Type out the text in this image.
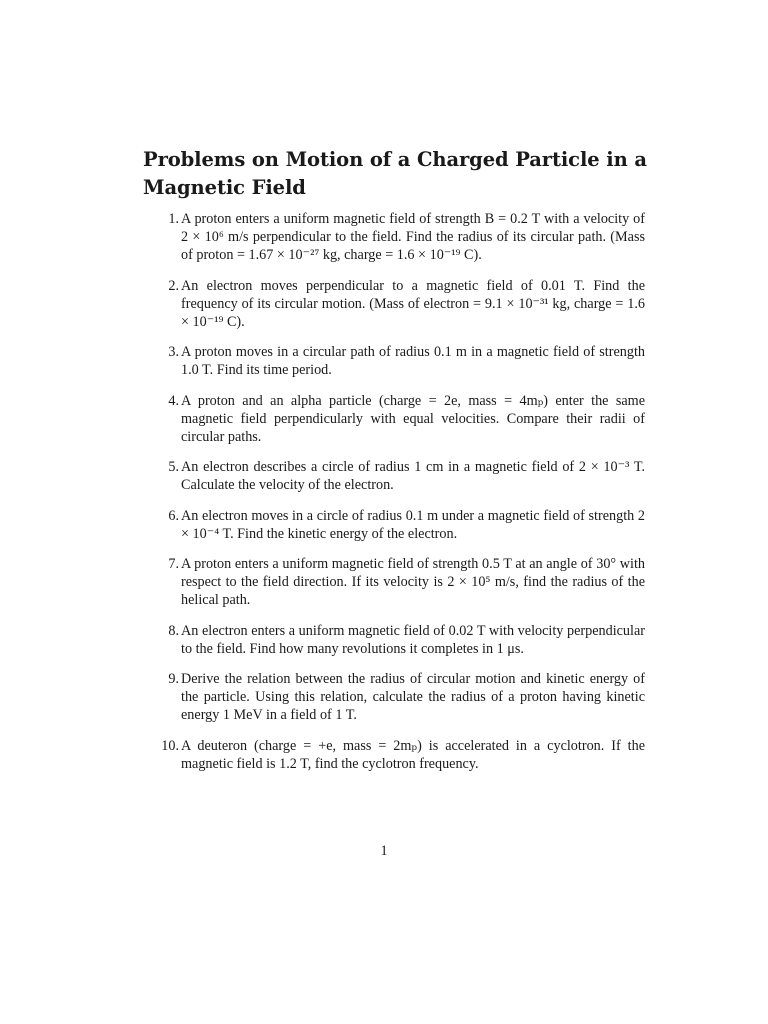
Problems on Motion of a Charged Particle in a Magnetic Field
1. A proton enters a uniform magnetic field of strength B = 0.2 T with a velocity of 2 × 10⁶ m/s perpendicular to the field. Find the radius of its circular path. (Mass of proton = 1.67 × 10⁻²⁷ kg, charge = 1.6 × 10⁻¹⁹ C).
2. An electron moves perpendicular to a magnetic field of 0.01 T. Find the frequency of its circular motion. (Mass of electron = 9.1 × 10⁻³¹ kg, charge = 1.6 × 10⁻¹⁹ C).
3. A proton moves in a circular path of radius 0.1 m in a magnetic field of strength 1.0 T. Find its time period.
4. A proton and an alpha particle (charge = 2e, mass = 4mₚ) enter the same magnetic field perpendicularly with equal velocities. Compare their radii of circular paths.
5. An electron describes a circle of radius 1 cm in a magnetic field of 2 × 10⁻³ T. Calculate the velocity of the electron.
6. An electron moves in a circle of radius 0.1 m under a magnetic field of strength 2 × 10⁻⁴ T. Find the kinetic energy of the electron.
7. A proton enters a uniform magnetic field of strength 0.5 T at an angle of 30° with respect to the field direction. If its velocity is 2 × 10⁵ m/s, find the radius of the helical path.
8. An electron enters a uniform magnetic field of 0.02 T with velocity perpendicular to the field. Find how many revolutions it completes in 1 μs.
9. Derive the relation between the radius of circular motion and kinetic energy of the particle. Using this relation, calculate the radius of a proton having kinetic energy 1 MeV in a field of 1 T.
10. A deuteron (charge = +e, mass = 2mₚ) is accelerated in a cyclotron. If the magnetic field is 1.2 T, find the cyclotron frequency.
1
